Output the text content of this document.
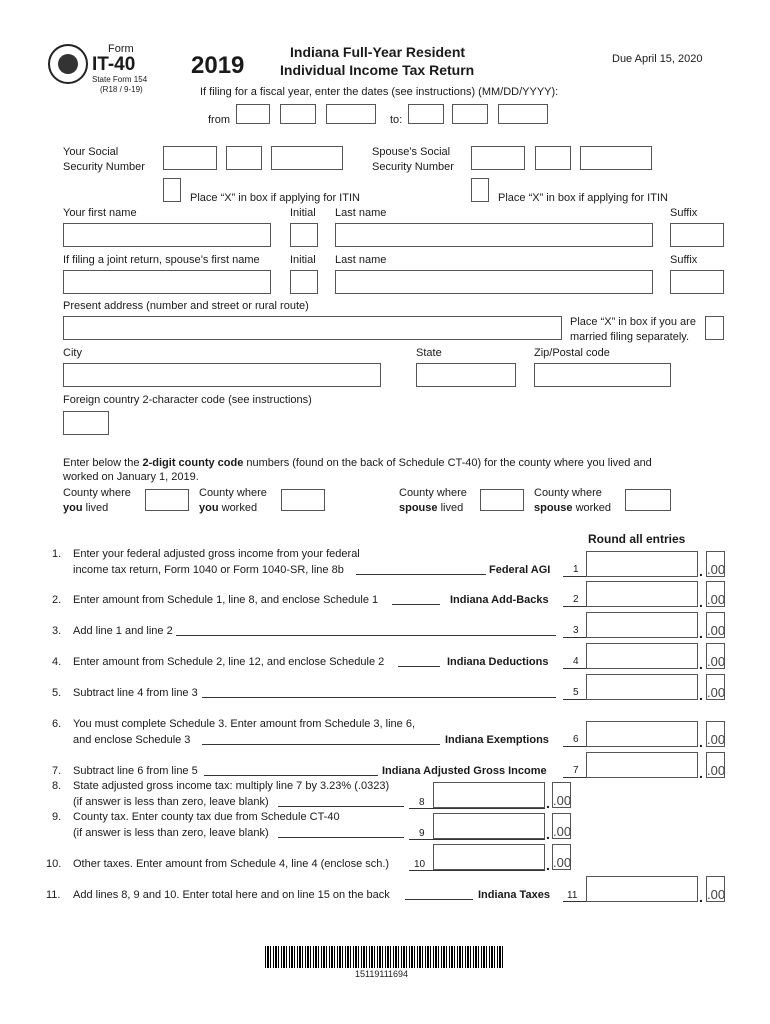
Form
IT-40
State Form 154
(R18 / 9-19)
2019	Indiana Full-Year Resident
Individual Income Tax Return
Due April 15, 2020
If filing for a fiscal year, enter the dates (see instructions) (MM/DD/YYYY):
from	to:
Your Social
Security Number
Spouse’s Social
Security Number
Place “X” in box if applying for ITIN	Place “X” in box if applying for ITIN
Your first name	Initial Last name	Suffix
If filing a joint return, spouse’s first name	Initial Last name	Suffix
Present address (number and street or rural route)
Place “X” in box if you are
married filing separately.
City	State	Zip/Postal code
Foreign country 2-character code (see instructions)
Enter below the 2-digit county code numbers (found on the back of Schedule CT-40) for the county where you lived and
worked on January 1, 2019.
County where
you lived
County where
you worked
County where
spouse lived
County where
spouse worked
Round all entries
1. Enter your federal adjusted gross income from your federal
income tax return, Form 1040 or Form 1040-SR, line 8b	Federal AGI 1	. .00
2. Enter amount from Schedule 1, line 8, and enclose Schedule 1	Indiana Add-Backs 2	. .00
3. Add line 1 and line 2	3	. .00
4. Enter amount from Schedule 2, line 12, and enclose Schedule 2	Indiana Deductions 4	. .00
5. Subtract line 4 from line 3	5	. .00
6. You must complete Schedule 3. Enter amount from Schedule 3, line 6,
and enclose Schedule 3	Indiana Exemptions 6	. .00
7. Subtract line 6 from line 5	Indiana Adjusted Gross Income	7	. .00
8. State adjusted gross income tax: multiply line 7 by 3.23% (.0323)
(if answer is less than zero, leave blank)	8	. .00
9. County tax. Enter county tax due from Schedule CT-40
(if answer is less than zero, leave blank)	9	. .00
10. Other taxes. Enter amount from Schedule 4, line 4 (enclose sch.) 10	. .00
11. Add lines 8, 9 and 10. Enter total here and on line 15 on the back	Indiana Taxes 11	. .00
15119111694
